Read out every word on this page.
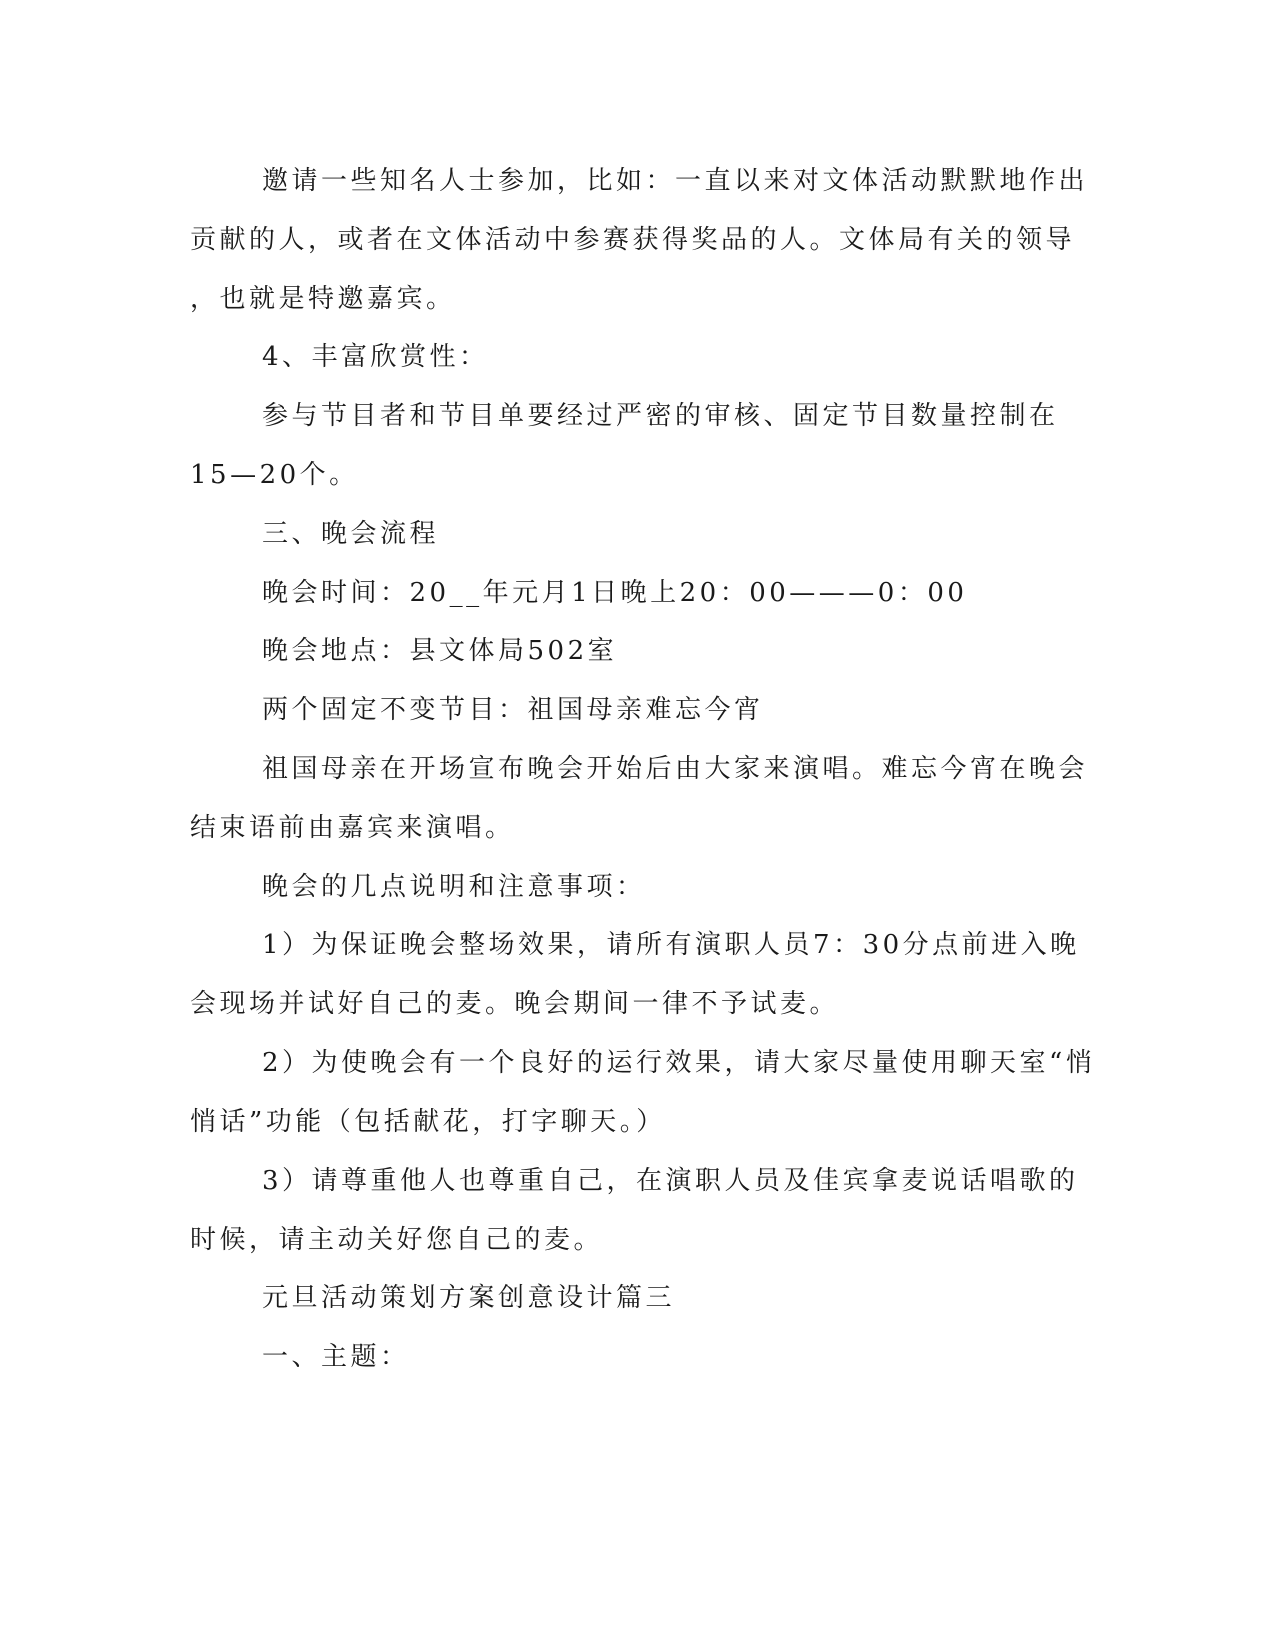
邀请一些知名人士参加，比如：一直以来对文体活动默默地作出
贡献的人，或者在文体活动中参赛获得奖品的人。文体局有关的领导
，也就是特邀嘉宾。
4、丰富欣赏性：
参与节目者和节目单要经过严密的审核、固定节目数量控制在
15—20个。
三、晚会流程
晚会时间：20__年元月1日晚上20：00———0：00
晚会地点：县文体局502室
两个固定不变节目：祖国母亲难忘今宵
祖国母亲在开场宣布晚会开始后由大家来演唱。难忘今宵在晚会
结束语前由嘉宾来演唱。
晚会的几点说明和注意事项：
1）为保证晚会整场效果，请所有演职人员7：30分点前进入晚
会现场并试好自己的麦。晚会期间一律不予试麦。
2）为使晚会有一个良好的运行效果，请大家尽量使用聊天室“悄
悄话”功能（包括献花，打字聊天。）
3）请尊重他人也尊重自己，在演职人员及佳宾拿麦说话唱歌的
时候，请主动关好您自己的麦。
元旦活动策划方案创意设计篇三
一、主题：
